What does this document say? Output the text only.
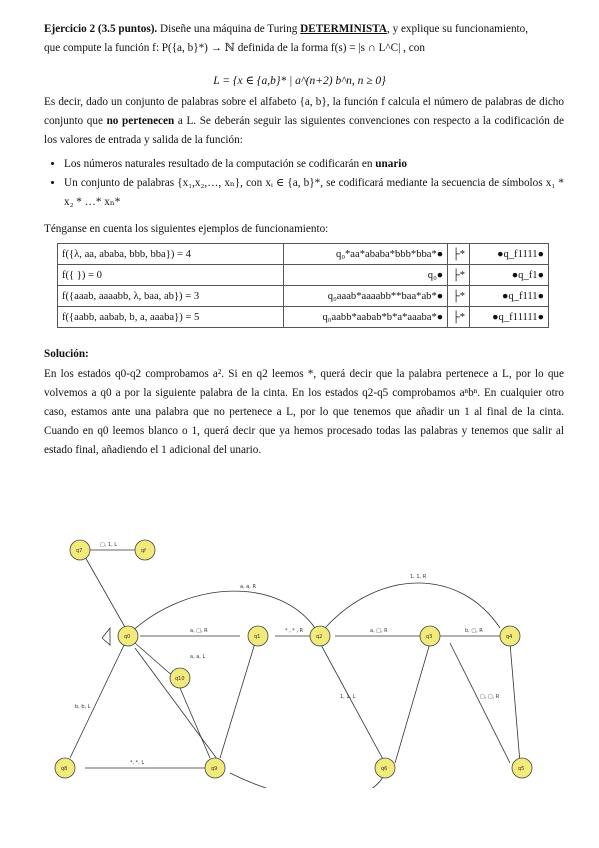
Ejercicio 2 (3.5 puntos). Diseñe una máquina de Turing DETERMINISTA, y explique su funcionamiento,
que compute la función f: P({a, b}*) → ℕ definida de la forma f(s) = |s ∩ L^C| , con
L = {x ∈ {a,b}* | a^(n+2) b^n, n ≥ 0}
Es decir, dado un conjunto de palabras sobre el alfabeto {a, b}, la función f calcula el número de palabras de dicho conjunto que no pertenecen a L. Se deberán seguir las siguientes convenciones con respecto a la codificación de los valores de entrada y salida de la función:
• Los números naturales resultado de la computación se codificarán en unario
• Un conjunto de palabras {x₁,x₂,…, xₙ}, con xᵢ ∈ {a, b}*, se codificará mediante la secuencia de símbolos x₁ * x₂ * …* xₙ*
Ténganse en cuenta los siguientes ejemplos de funcionamiento:
f({λ, aa, ababa, bbb, bba}) = 4	q₀*aa*ababa*bbb*bba*●	├*	●q_f1111●
f({ }) = 0	q₀●	├*	●q_f1●
f({aaab, aaaabb, λ, baa, ab}) = 3	q₀aaab*aaaabb**baa*ab*●	├*	●q_f111●
f({aabb, aabab, b, a, aaaba}) = 5	q₀aabb*aabab*b*a*aaaba*●	├*	●q_f11111●
Solución:
En los estados q0-q2 comprobamos a². Si en q2 leemos *, querá decir que la palabra pertenece a L, por lo que volvemos a q0 a por la siguiente palabra de la cinta. En los estados q2-q5 comprobamos aⁿbⁿ. En cualquier otro caso, estamos ante una palabra que no pertenece a L, por lo que tenemos que añadir un 1 al final de la cinta. Cuando en q0 leemos blanco o 1, querá decir que ya hemos procesado todas las palabras y tenemos que salir al estado final, añadiendo el 1 adicional del unario.
q0	q1	q2	q3	q4
q5
q6
q7
q8	q9
q10
qf
a, □, R	* , * , R	a, □, R	b, □, R
a, a, R
1, 1, R
□, 1, L
a, a, L
b, b, L
*, *, L
1, 1, L	□, □, R
